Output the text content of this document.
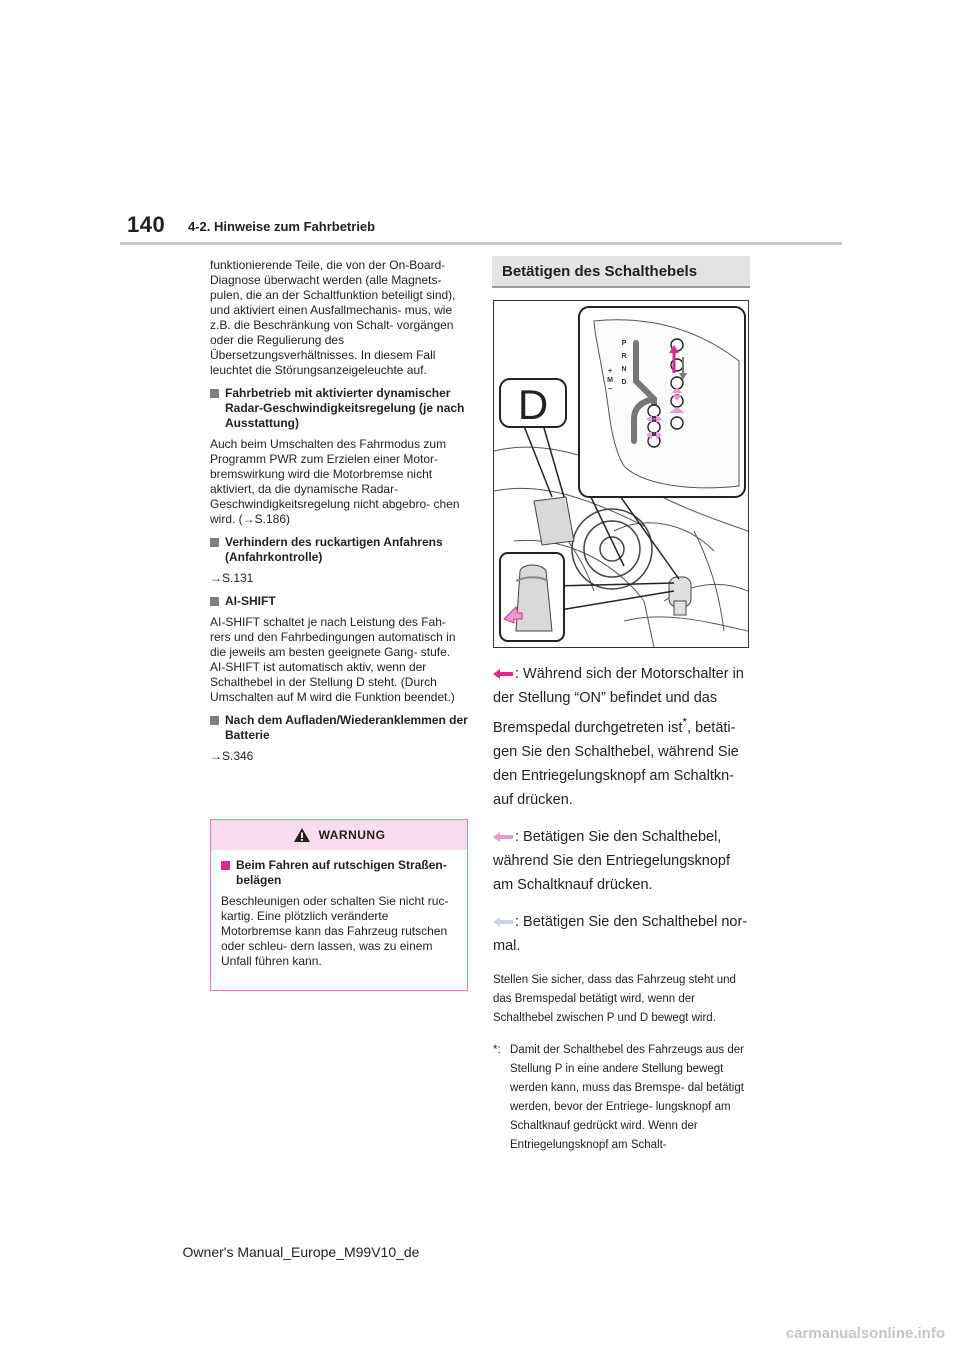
140 4-2. Hinweise zum Fahrbetrieb

funktionierende Teile, die von der On-Board-Diagnose überwacht werden (alle Magnets- pulen, die an der Schaltfunktion beteiligt sind), und aktiviert einen Ausfallmechanis- mus, wie z.B. die Beschränkung von Schalt- vorgängen oder die Regulierung des Übersetzungsverhältnisses. In diesem Fall leuchtet die Störungsanzeigeleuchte auf.

Fahrbetrieb mit aktivierter dynamischer Radar-Geschwindigkeitsregelung (je nach Ausstattung)

Auch beim Umschalten des Fahrmodus zum Programm PWR zum Erzielen einer Motor- bremswirkung wird die Motorbremse nicht aktiviert, da die dynamische Radar- Geschwindigkeitsregelung nicht abgebro- chen wird. (→S.186)

Verhindern des ruckartigen Anfahrens (Anfahrkontrolle)

→S.131

AI-SHIFT

AI-SHIFT schaltet je nach Leistung des Fah- rers und den Fahrbedingungen automatisch in die jeweils am besten geeignete Gang- stufe. AI-SHIFT ist automatisch aktiv, wenn der Schalthebel in der Stellung D steht. (Durch Umschalten auf M wird die Funktion beendet.)

Nach dem Aufladen/Wiederanklemmen der Batterie

→S.346

WARNUNG
Beim Fahren auf rutschigen Straßen- belägen
Beschleunigen oder schalten Sie nicht ruc- kartig. Eine plötzlich veränderte Motorbremse kann das Fahrzeug rutschen oder schleu- dern lassen, was zu einem Unfall führen kann.
Betätigen des Schalthebels
D
P
R
N
D
+
M
−

: Während sich der Motorschalter in der Stellung “ON” befindet und das Bremspedal durchgetreten ist*, betäti- gen Sie den Schalthebel, während Sie den Entriegelungsknopf am Schaltkn- auf drücken.

: Betätigen Sie den Schalthebel, während Sie den Entriegelungsknopf am Schaltknauf drücken.

: Betätigen Sie den Schalthebel nor- mal.

Stellen Sie sicher, dass das Fahrzeug steht und das Bremspedal betätigt wird, wenn der Schalthebel zwischen P und D bewegt wird.

*: Damit der Schalthebel des Fahrzeugs aus der Stellung P in eine andere Stellung bewegt werden kann, muss das Bremspe- dal betätigt werden, bevor der Entriege- lungsknopf am Schaltknauf gedrückt wird. Wenn der Entriegelungsknopf am Schalt-
Owner's Manual_Europe_M99V10_de
carmanualsonline.info
